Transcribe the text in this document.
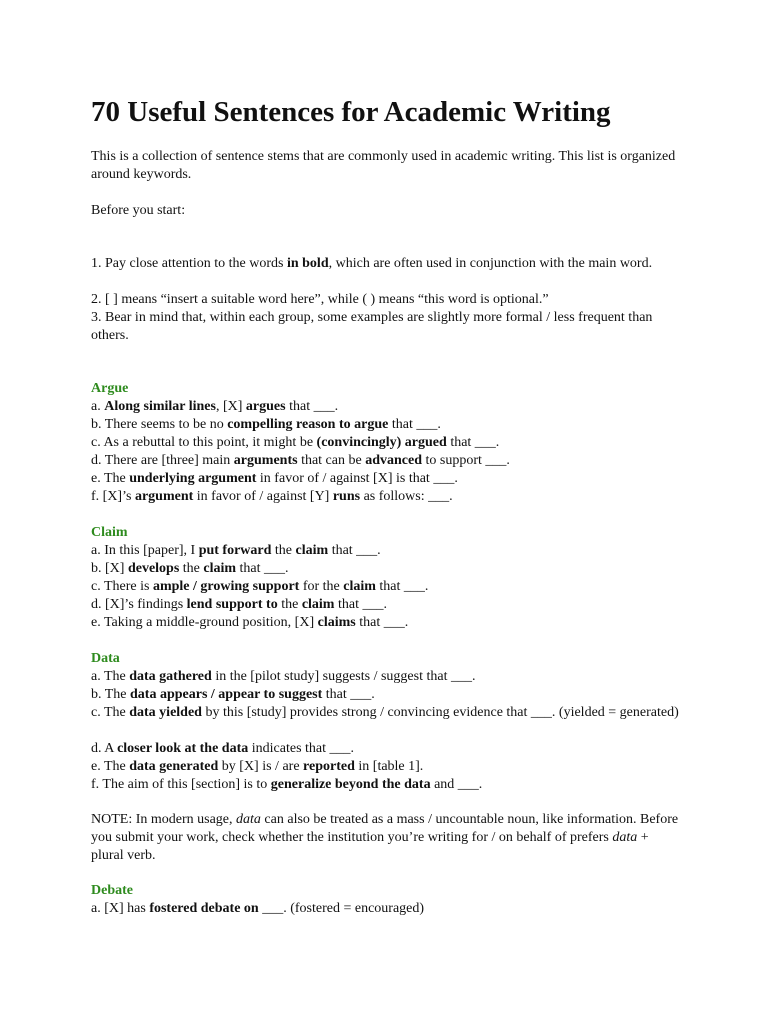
70 Useful Sentences for Academic Writing

This is a collection of sentence stems that are commonly used in academic writing. This list is organized around keywords.

Before you start:

1. Pay close attention to the words in bold, which are often used in conjunction with the main word.

2. [ ] means “insert a suitable word here”, while ( ) means “this word is optional.”

3. Bear in mind that, within each group, some examples are slightly more formal / less frequent than others.

Argue
a. Along similar lines, [X] argues that ___.
b. There seems to be no compelling reason to argue that ___.
c. As a rebuttal to this point, it might be (convincingly) argued that ___.
d. There are [three] main arguments that can be advanced to support ___.
e. The underlying argument in favor of / against [X] is that ___.
f. [X]’s argument in favor of / against [Y] runs as follows: ___.
Claim
a. In this [paper], I put forward the claim that ___.
b. [X] develops the claim that ___.
c. There is ample / growing support for the claim that ___.
d. [X]’s findings lend support to the claim that ___.
e. Taking a middle-ground position, [X] claims that ___.
Data
a. The data gathered in the [pilot study] suggests / suggest that ___.
b. The data appears / appear to suggest that ___.

c. The data yielded by this [study] provides strong / convincing evidence that ___. (yielded = generated)

d. A closer look at the data indicates that ___.
e. The data generated by [X] is / are reported in [table 1].
f. The aim of this [section] is to generalize beyond the data and ___.

NOTE: In modern usage, data can also be treated as a mass / uncountable noun, like information. Before you submit your work, check whether the institution you’re writing for / on behalf of prefers data + plural verb.

Debate
a. [X] has fostered debate on ___. (fostered = encouraged)
